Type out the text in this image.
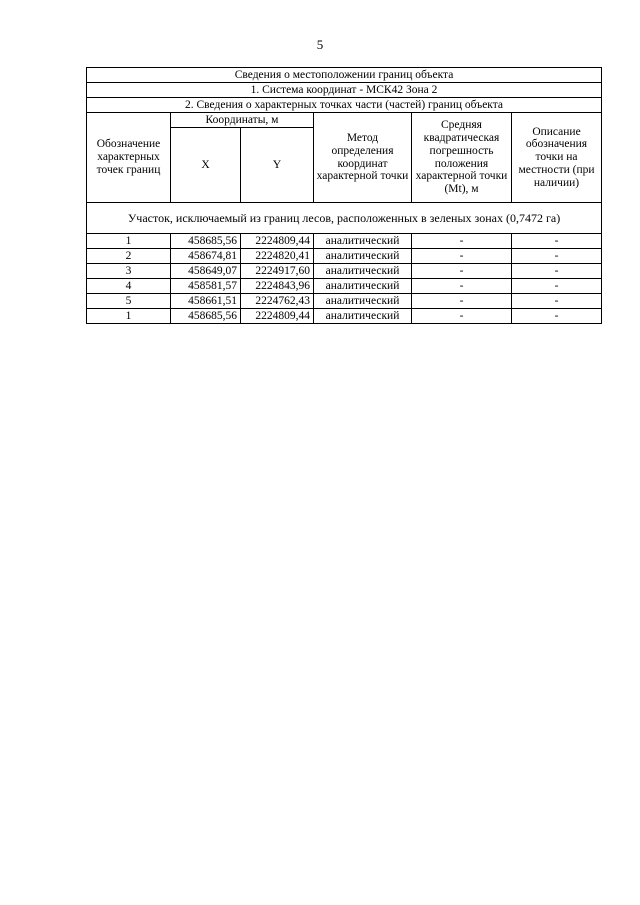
5
Сведения о местоположении границ объекта					
1. Система координат - МСК42 Зона 2					
2. Сведения о характерных точках части (частей) границ объекта					
Обозначение характерных точек границ	Координаты, м		Метод определения координат характерной точки	Средняя квадратическая погрешность положения характерной точки (Mt), м	Описание обозначения точки на местности (при наличии)
	X	Y			
Участок, исключаемый из границ лесов, расположенных в зеленых зонах (0,7472 га)					
1	458685,56	2224809,44	аналитический	-	-
2	458674,81	2224820,41	аналитический	-	-
3	458649,07	2224917,60	аналитический	-	-
4	458581,57	2224843,96	аналитический	-	-
5	458661,51	2224762,43	аналитический	-	-
1	458685,56	2224809,44	аналитический	-	-
